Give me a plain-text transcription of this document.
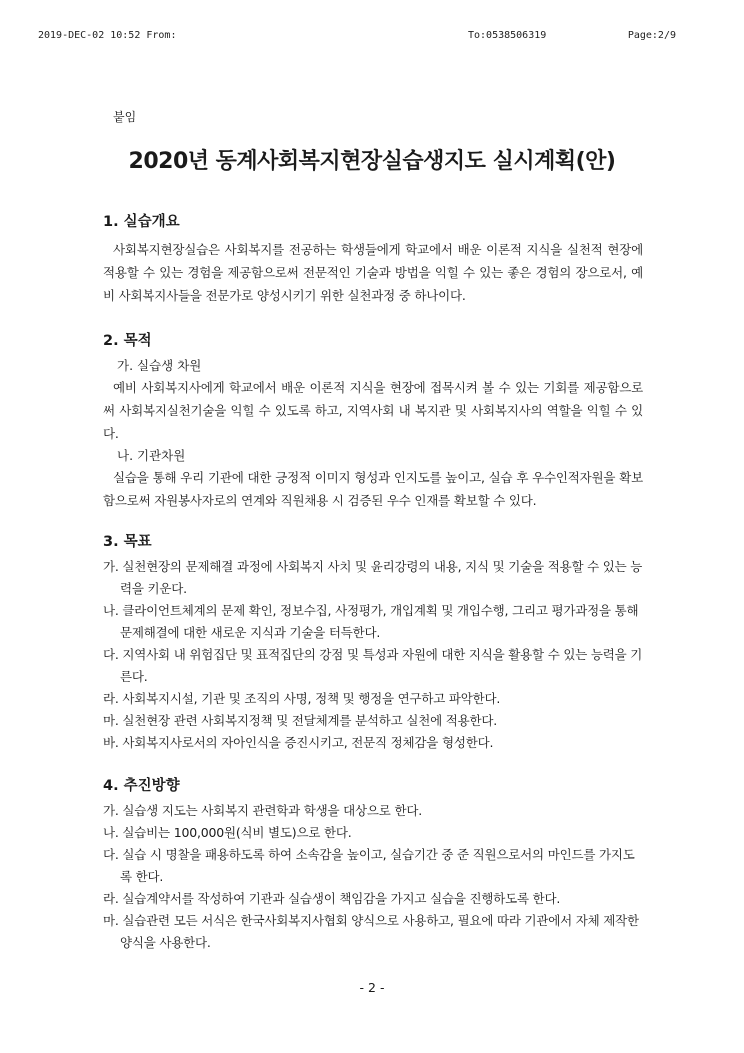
2019-DEC-02 10:52 From:	To:0538506319	Page:2/9
붙임
2020년 동계사회복지현장실습생지도 실시계획(안)

1. 실습개요

사회복지현장실습은 사회복지를 전공하는 학생들에게 학교에서 배운 이론적 지식을 실천적 현장에 적용할 수 있는 경험을 제공함으로써 전문적인 기술과 방법을 익힐 수 있는 좋은 경험의 장으로서, 예비 사회복지사들을 전문가로 양성시키기 위한 실천과정 중 하나이다.

2. 목적

가. 실습생 차원

예비 사회복지사에게 학교에서 배운 이론적 지식을 현장에 접목시켜 볼 수 있는 기회를 제공함으로써 사회복지실천기술을 익힐 수 있도록 하고, 지역사회 내 복지관 및 사회복지사의 역할을 익힐 수 있다.

나. 기관차원

실습을 통해 우리 기관에 대한 긍정적 이미지 형성과 인지도를 높이고, 실습 후 우수인적자원을 확보함으로써 자원봉사자로의 연계와 직원채용 시 검증된 우수 인재를 확보할 수 있다.

3. 목표

가. 실천현장의 문제해결 과정에 사회복지 사치 및 윤리강령의 내용, 지식 및 기술을 적용할 수 있는 능력을 키운다.

나. 클라이언트체계의 문제 확인, 정보수집, 사정평가, 개입계획 및 개입수행, 그리고 평가과정을 통해 문제해결에 대한 새로운 지식과 기술을 터득한다.

다. 지역사회 내 위험집단 및 표적집단의 강점 및 특성과 자원에 대한 지식을 활용할 수 있는 능력을 기른다.

라. 사회복지시설, 기관 및 조직의 사명, 정책 및 행정을 연구하고 파악한다.

마. 실천현장 관련 사회복지정책 및 전달체계를 분석하고 실천에 적용한다.

바. 사회복지사로서의 자아인식을 증진시키고, 전문직 정체감을 형성한다.

4. 추진방향

가. 실습생 지도는 사회복지 관련학과 학생을 대상으로 한다.

나. 실습비는 100,000원(식비 별도)으로 한다.

다. 실습 시 명찰을 패용하도록 하여 소속감을 높이고, 실습기간 중 준 직원으로서의 마인드를 가지도록 한다.

라. 실습계약서를 작성하여 기관과 실습생이 책임감을 가지고 실습을 진행하도록 한다.

마. 실습관련 모든 서식은 한국사회복지사협회 양식으로 사용하고, 필요에 따라 기관에서 자체 제작한 양식을 사용한다.

- 2 -
